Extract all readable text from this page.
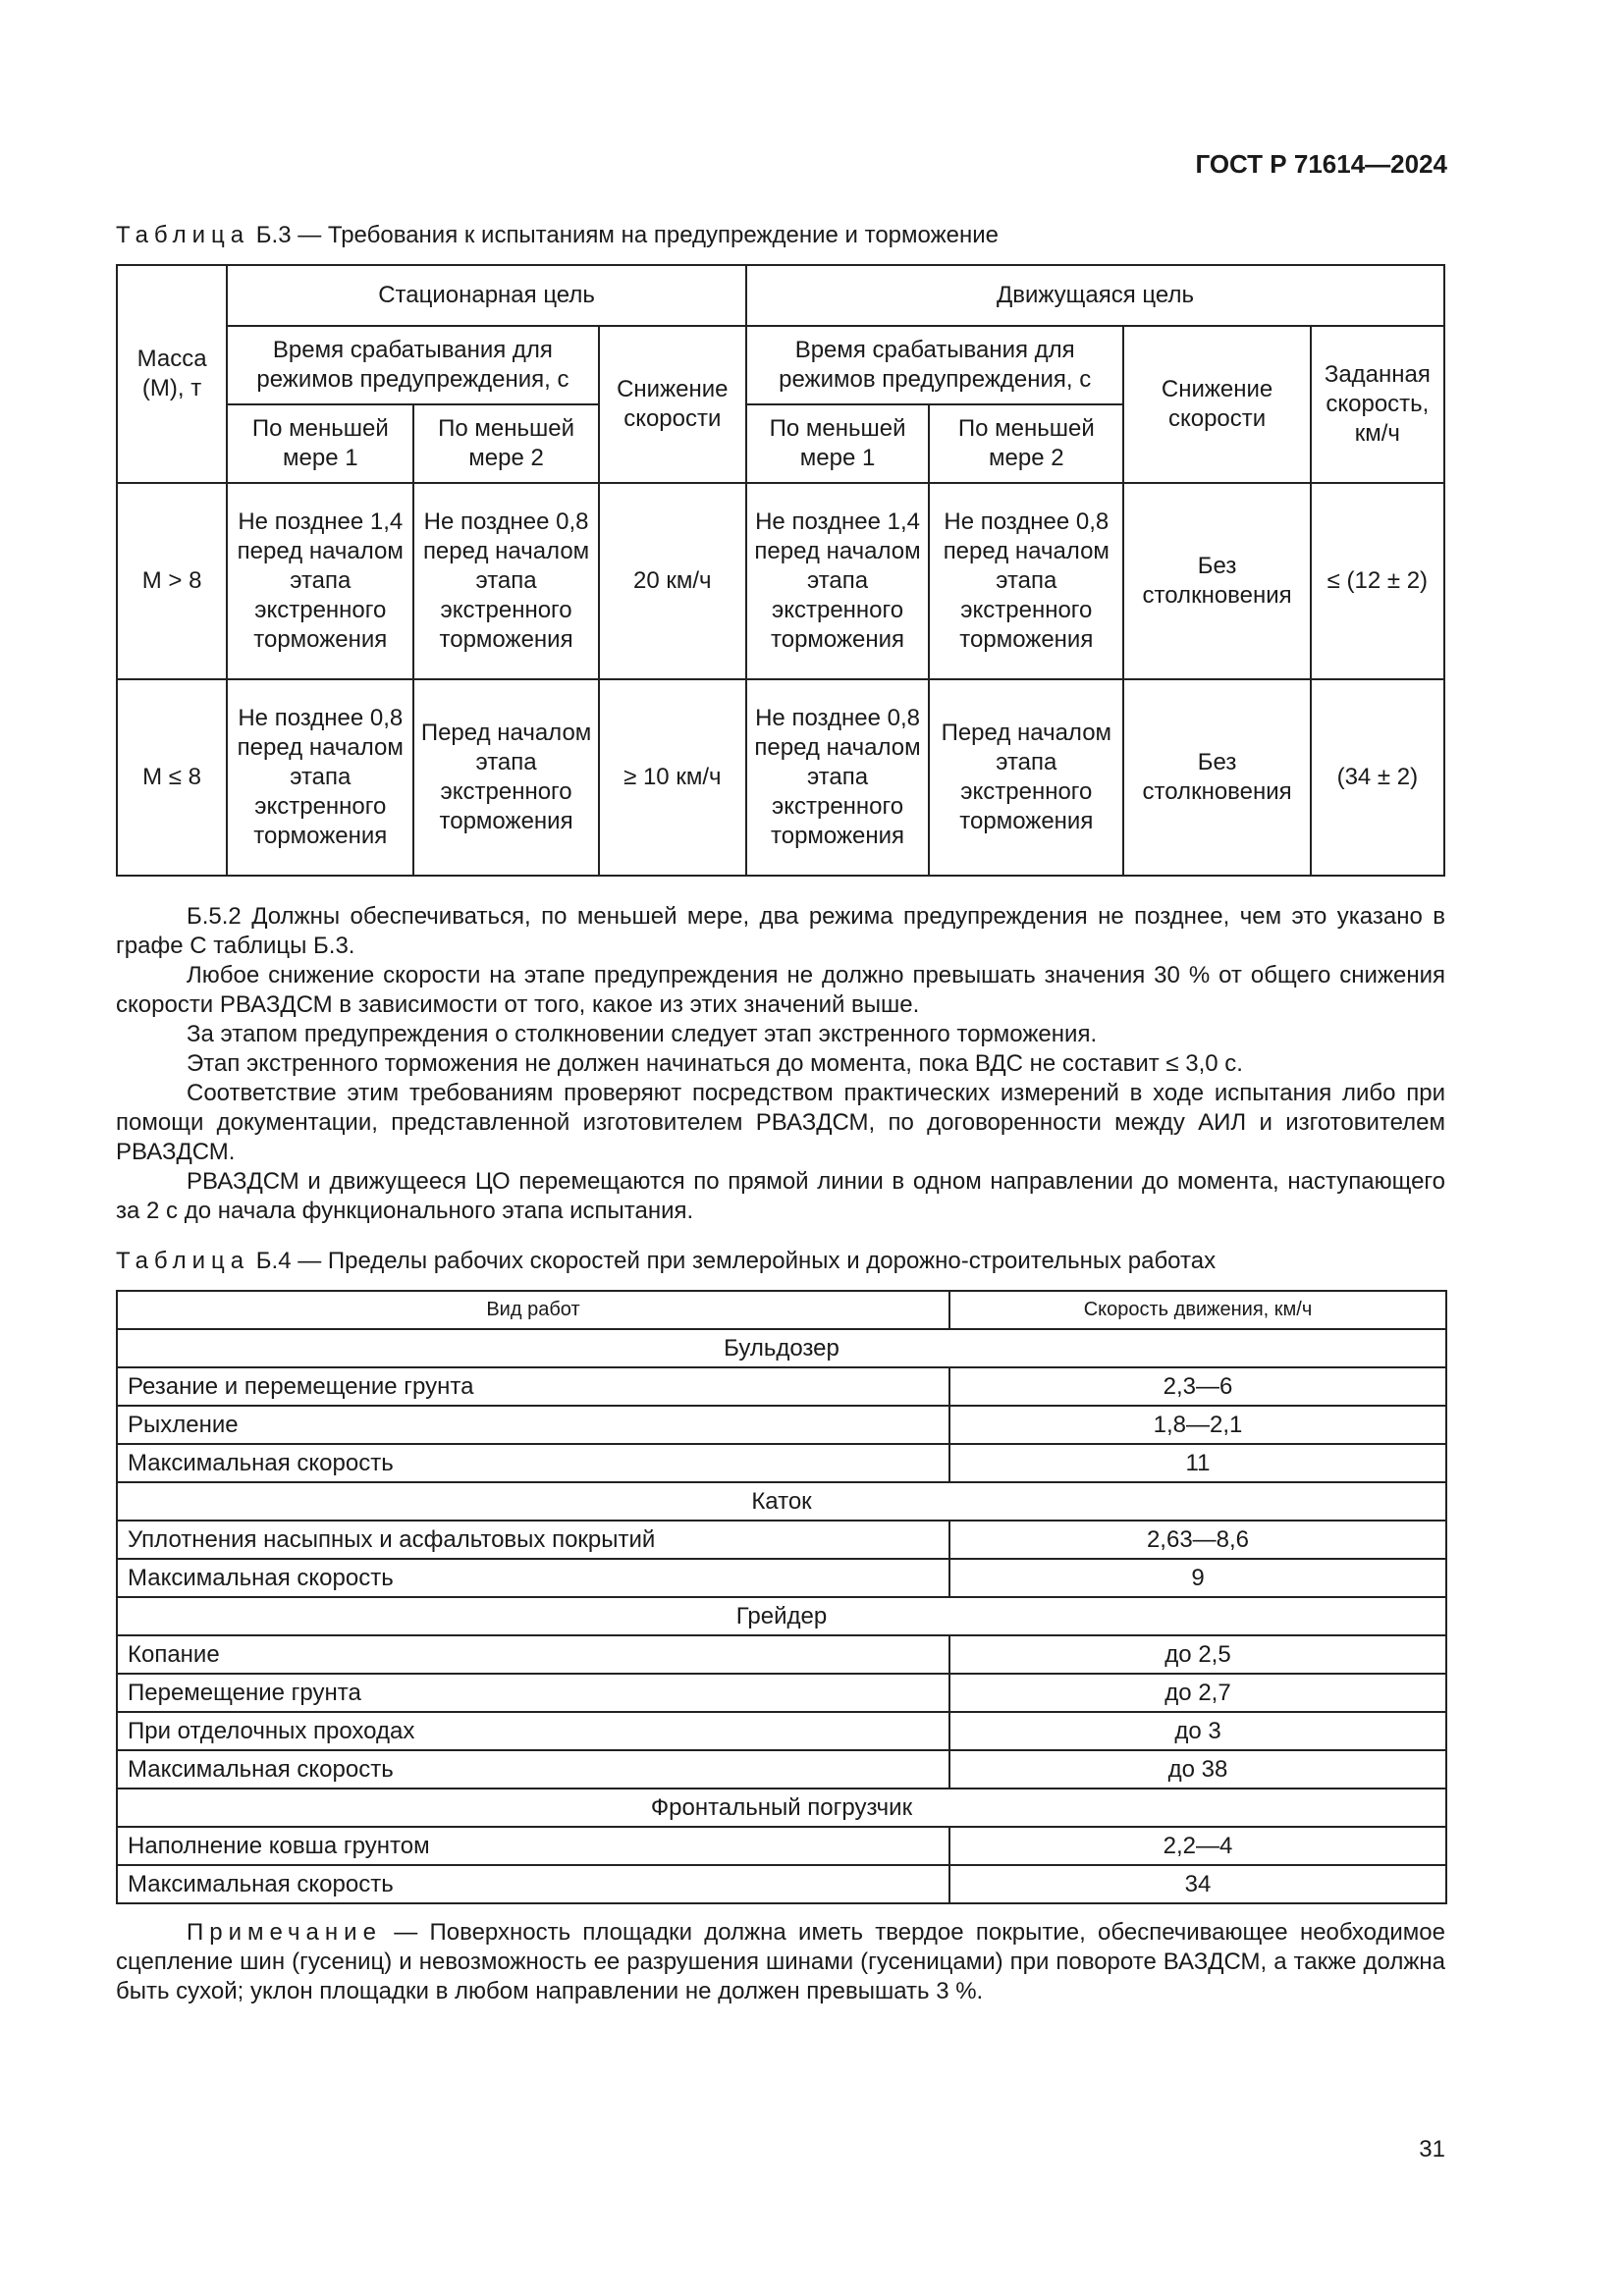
ГОСТ Р 71614—2024
Таблица Б.3 — Требования к испытаниям на предупреждение и торможение
Масса (М), т	Стационарная цель			Движущаяся цель			
	Время срабатывания для режимов предупреждения, с		Снижение скорости	Время срабатывания для режимов предупреждения, с		Снижение скорости	Заданная скорость, км/ч
	По меньшей мере 1	По меньшей мере 2		По меньшей мере 1	По меньшей мере 2		
М > 8	Не позднее 1,4 перед началом этапа экстренного торможения	Не позднее 0,8 перед началом этапа экстренного торможения	20 км/ч	Не позднее 1,4 перед началом этапа экстренного торможения	Не позднее 0,8 перед началом этапа экстренного торможения	Без столкновения	≤ (12 ± 2)
М ≤ 8	Не позднее 0,8 перед началом этапа экстренного торможения	Перед началом этапа экстренного торможения	≥ 10 км/ч	Не позднее 0,8 перед началом этапа экстренного торможения	Перед началом этапа экстренного торможения	Без столкновения	(34 ± 2)

Б.5.2 Должны обеспечиваться, по меньшей мере, два режима предупреждения не позднее, чем это указано в графе С таблицы Б.3.

Любое снижение скорости на этапе предупреждения не должно превышать значения 30 % от общего снижения скорости РВАЗДСМ в зависимости от того, какое из этих значений выше.

За этапом предупреждения о столкновении следует этап экстренного торможения.

Этап экстренного торможения не должен начинаться до момента, пока ВДС не составит ≤ 3,0 с.

Соответствие этим требованиям проверяют посредством практических измерений в ходе испытания либо при помощи документации, представленной изготовителем РВАЗДСМ, по договоренности между АИЛ и изготовителем РВАЗДСМ.

РВАЗДСМ и движущееся ЦО перемещаются по прямой линии в одном направлении до момента, наступающего за 2 с до начала функционального этапа испытания.

Таблица Б.4 — Пределы рабочих скоростей при землеройных и дорожно-строительных работах
Вид работ	Скорость движения, км/ч
Бульдозер	
Резание и перемещение грунта	2,3—6
Рыхление	1,8—2,1
Максимальная скорость	11
Каток	
Уплотнения насыпных и асфальтовых покрытий	2,63—8,6
Максимальная скорость	9
Грейдер	
Копание	до 2,5
Перемещение грунта	до 2,7
При отделочных проходах	до 3
Максимальная скорость	до 38
Фронтальный погрузчик	
Наполнение ковша грунтом	2,2—4
Максимальная скорость	34
Примечание — Поверхность площадки должна иметь твердое покрытие, обеспечивающее необходимое сцепление шин (гусениц) и невозможность ее разрушения шинами (гусеницами) при повороте ВАЗДСМ, а также должна быть сухой; уклон площадки в любом направлении не должен превышать 3 %.
31
